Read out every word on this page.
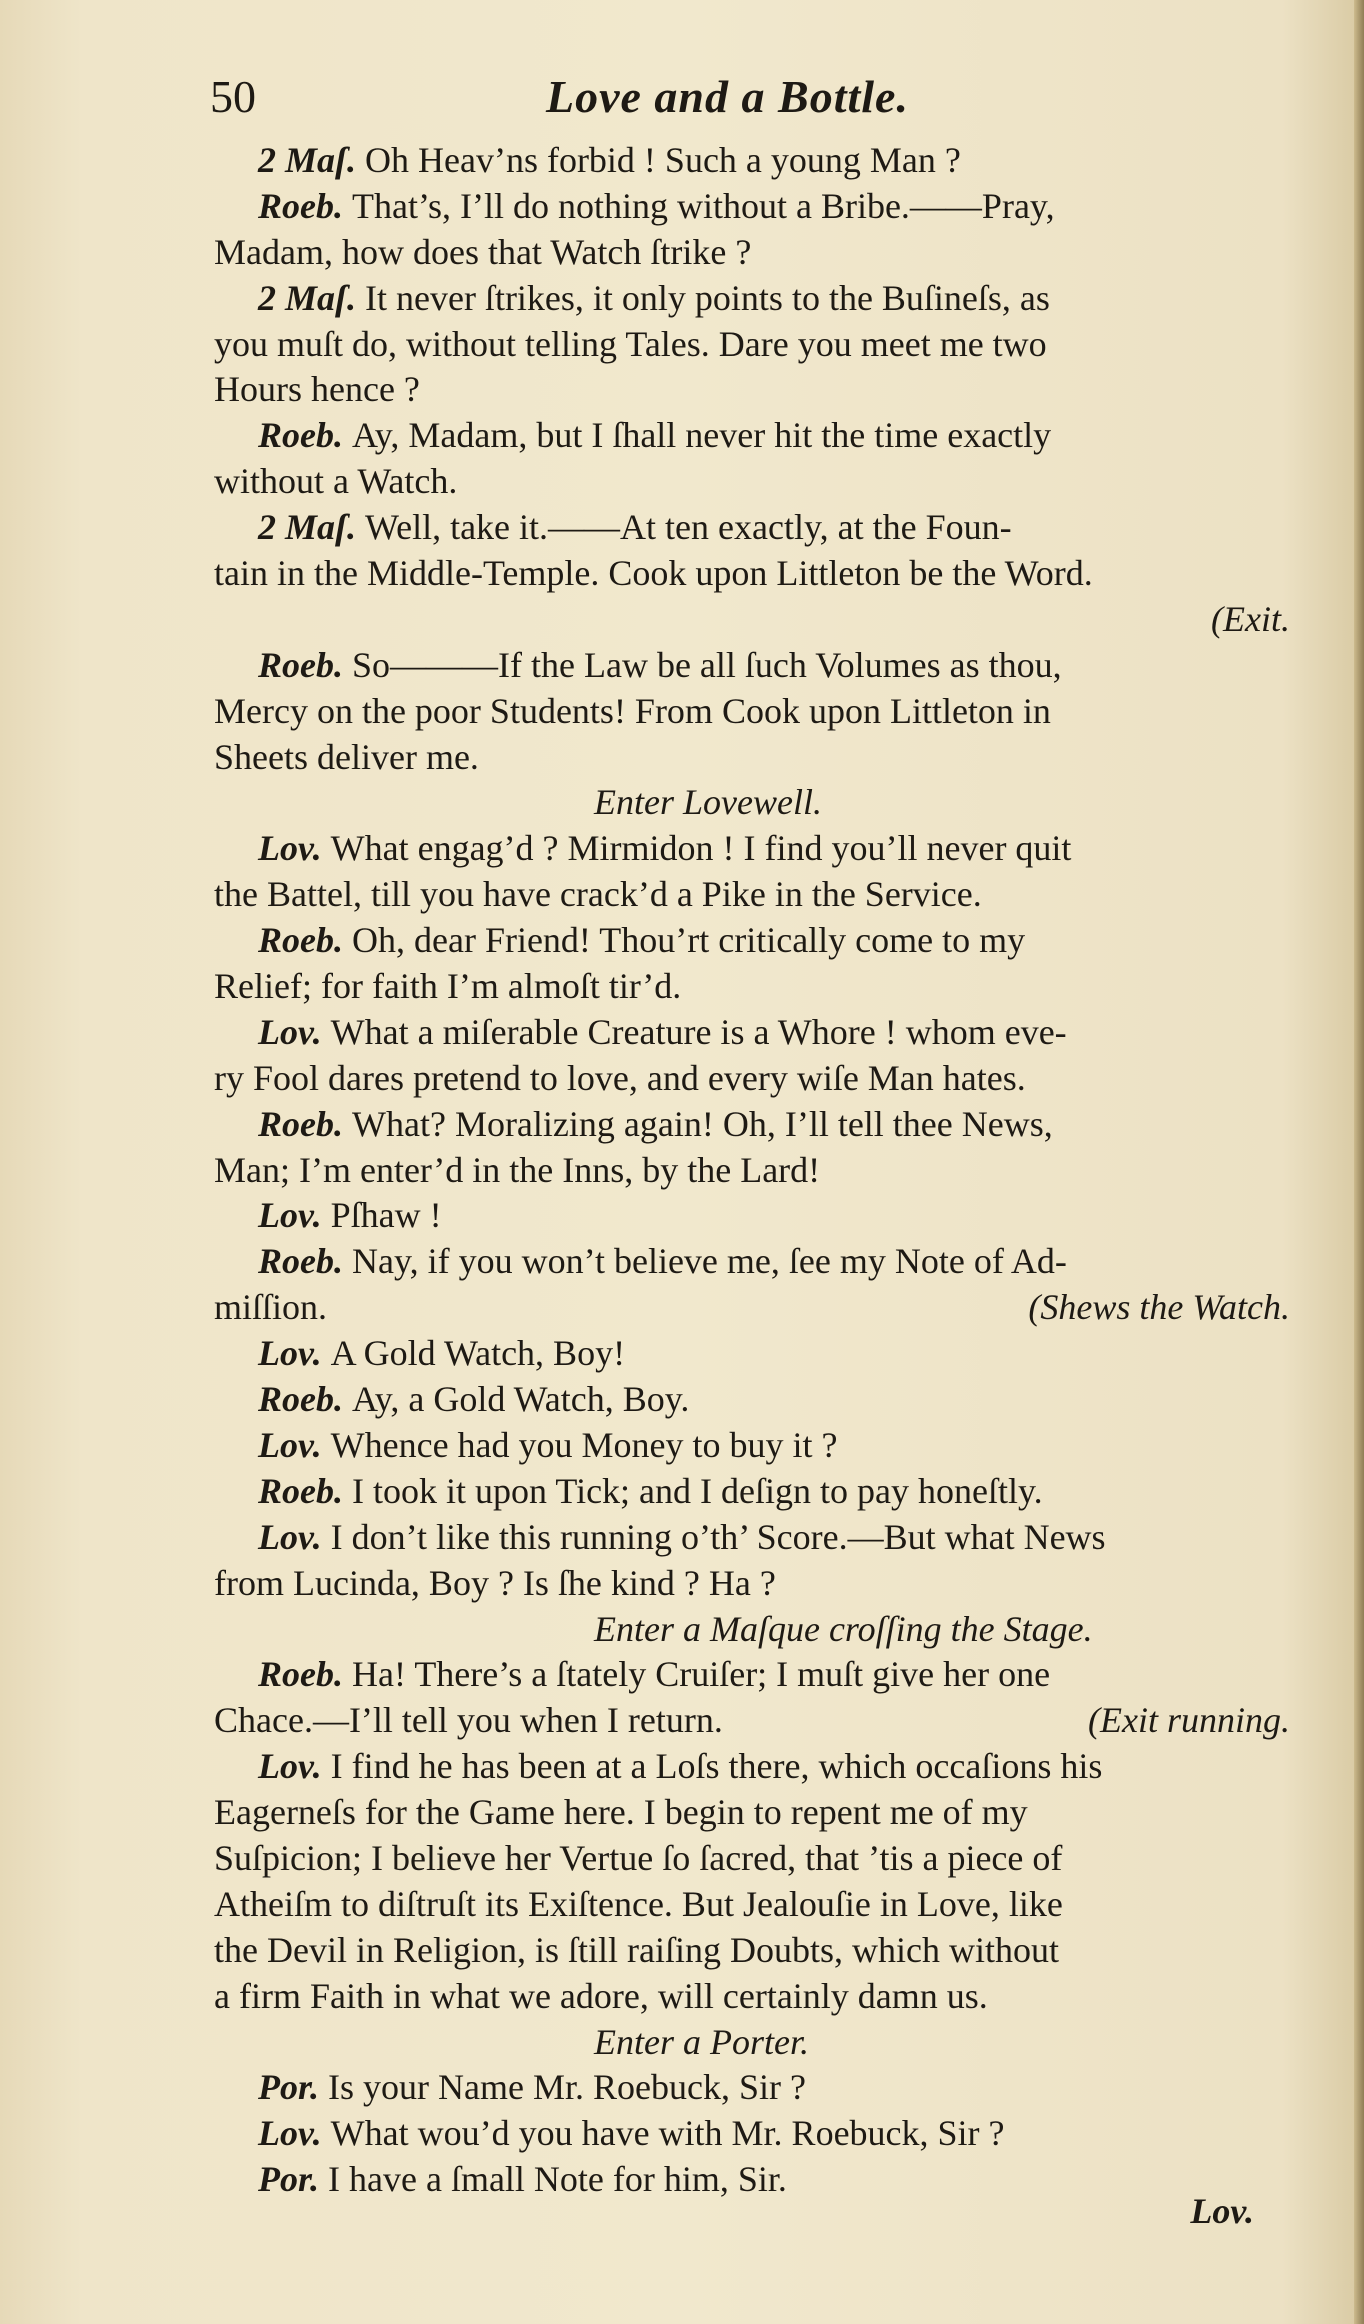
50	Love and a Bottle.
2 Maſ. Oh Heav’ns forbid ! Such a young Man ?
Roeb. That’s, I’ll do nothing without a Bribe.——Pray,
Madam, how does that Watch ſtrike ?
2 Maſ. It never ſtrikes, it only points to the Buſineſs, as
you muſt do, without telling Tales. Dare you meet me two
Hours hence ?
Roeb. Ay, Madam, but I ſhall never hit the time exactly
without a Watch.
2 Maſ. Well, take it.——At ten exactly, at the Foun-
tain in the Middle-Temple. Cook upon Littleton be the Word.
(Exit.
Roeb. So———If the Law be all ſuch Volumes as thou,
Mercy on the poor Students! From Cook upon Littleton in
Sheets deliver me.
Enter Lovewell.
Lov. What engag’d ? Mirmidon ! I find you’ll never quit
the Battel, till you have crack’d a Pike in the Service.
Roeb. Oh, dear Friend! Thou’rt critically come to my
Relief; for faith I’m almoſt tir’d.
Lov. What a miſerable Creature is a Whore ! whom eve-
ry Fool dares pretend to love, and every wiſe Man hates.
Roeb. What? Moralizing again! Oh, I’ll tell thee News,
Man; I’m enter’d in the Inns, by the Lard!
Lov. Pſhaw !
Roeb. Nay, if you won’t believe me, ſee my Note of Ad-
miſſion.	(Shews the Watch.
Lov. A Gold Watch, Boy!
Roeb. Ay, a Gold Watch, Boy.
Lov. Whence had you Money to buy it ?
Roeb. I took it upon Tick; and I deſign to pay honeſtly.
Lov. I don’t like this running o’th’ Score.—But what News
from Lucinda, Boy ? Is ſhe kind ? Ha ?
Enter a Maſque croſſing the Stage.
Roeb. Ha! There’s a ſtately Cruiſer; I muſt give her one
Chace.—I’ll tell you when I return.	(Exit running.
Lov. I find he has been at a Loſs there, which occaſions his
Eagerneſs for the Game here. I begin to repent me of my
Suſpicion; I believe her Vertue ſo ſacred, that ’tis a piece of
Atheiſm to diſtruſt its Exiſtence. But Jealouſie in Love, like
the Devil in Religion, is ſtill raiſing Doubts, which without
a firm Faith in what we adore, will certainly damn us.
Enter a Porter.
Por. Is your Name Mr. Roebuck, Sir ?
Lov. What wou’d you have with Mr. Roebuck, Sir ?
Por. I have a ſmall Note for him, Sir.
Lov.
